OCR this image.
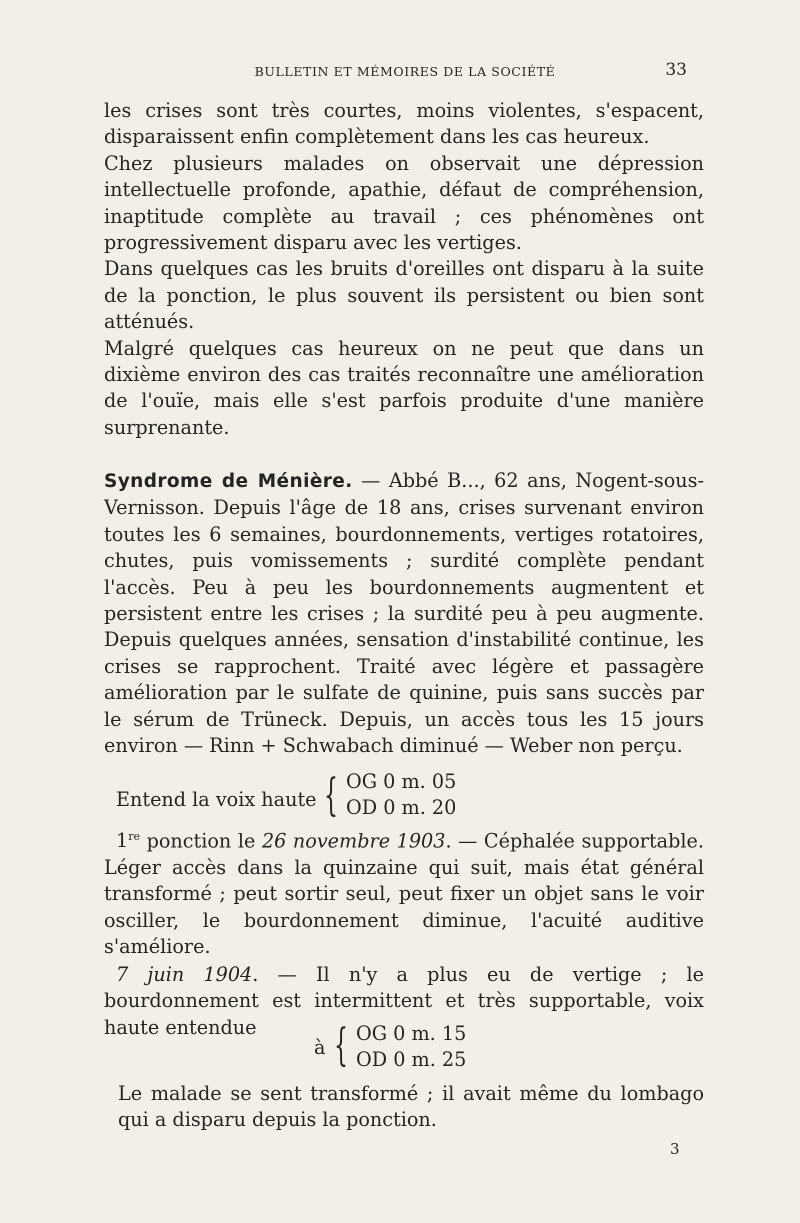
BULLETIN ET MÉMOIRES DE LA SOCIÉTÉ	33

les crises sont très courtes, moins violentes, s'espacent, disparaissent enfin complètement dans les cas heureux.

Chez plusieurs malades on observait une dépression intellectuelle profonde, apathie, défaut de compréhension, inaptitude complète au travail ; ces phénomènes ont progressivement disparu avec les vertiges.

Dans quelques cas les bruits d'oreilles ont disparu à la suite de la ponction, le plus souvent ils persistent ou bien sont atténués.

Malgré quelques cas heureux on ne peut que dans un dixième environ des cas traités reconnaître une amélioration de l'ouïe, mais elle s'est parfois produite d'une manière surprenante.

Syndrome de Ménière. — Abbé B..., 62 ans, Nogent-sous-Vernisson. Depuis l'âge de 18 ans, crises survenant environ toutes les 6 semaines, bourdonnements, vertiges rotatoires, chutes, puis vomissements ; surdité complète pendant l'accès. Peu à peu les bourdonnements augmentent et persistent entre les crises ; la surdité peu à peu augmente. Depuis quelques années, sensation d'instabilité continue, les crises se rapprochent. Traité avec légère et passagère amélioration par le sulfate de quinine, puis sans succès par le sérum de Trüneck. Depuis, un accès tous les 15 jours environ — Rinn + Schwabach diminué — Weber non perçu.

Entend la voix haute { OG 0 m. 05
OD 0 m. 20

1re ponction le 26 novembre 1903. — Céphalée supportable. Léger accès dans la quinzaine qui suit, mais état général transformé ; peut sortir seul, peut fixer un objet sans le voir osciller, le bourdonnement diminue, l'acuité auditive s'améliore.

7 juin 1904. — Il n'y a plus eu de vertige ; le bourdonnement est intermittent et très supportable, voix haute entendue

à { OG 0 m. 15
OD 0 m. 25

Le malade se sent transformé ; il avait même du lombago qui a disparu depuis la ponction.

3
